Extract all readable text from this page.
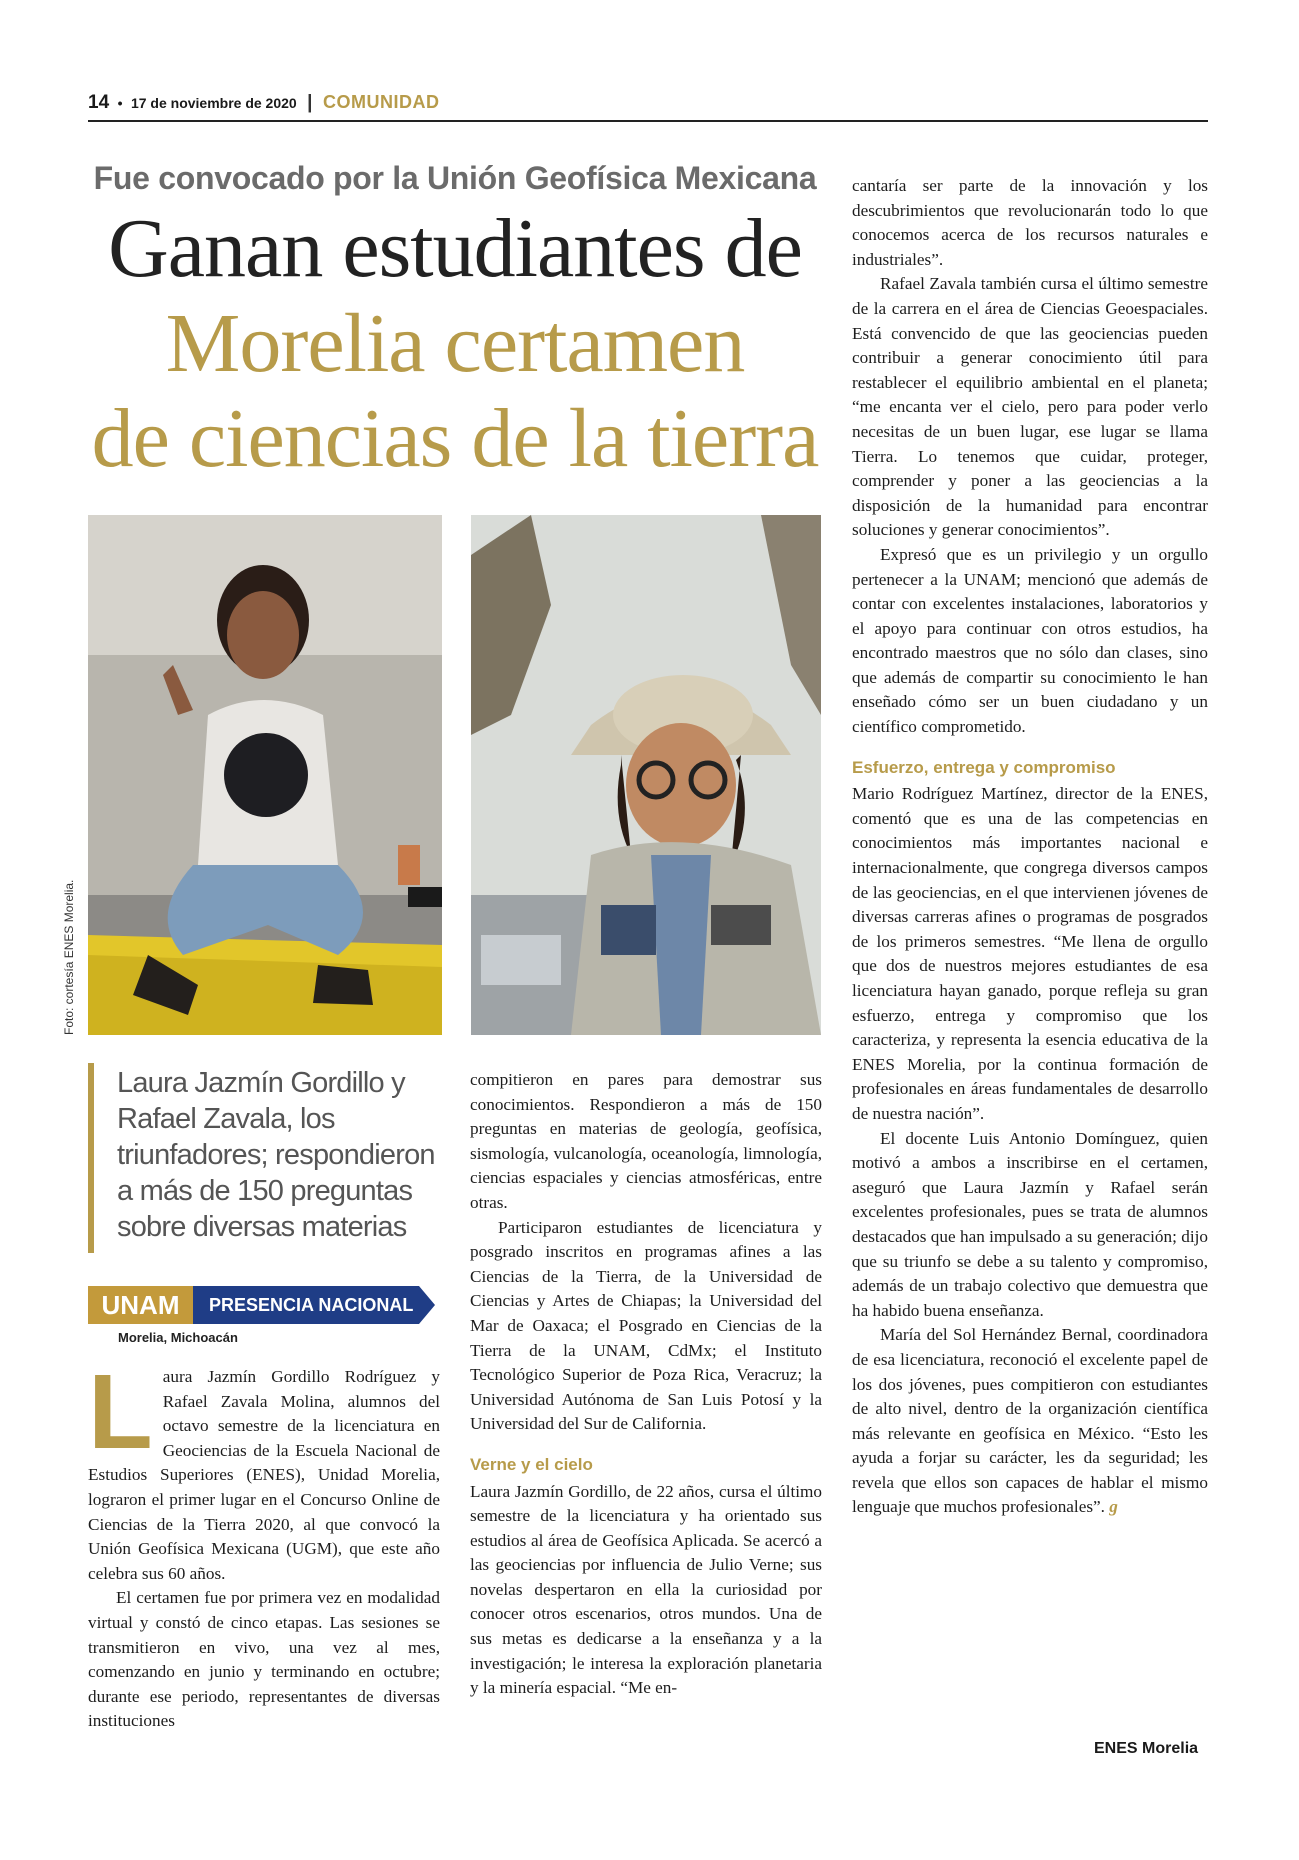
14 • 17 de noviembre de 2020 | COMUNIDAD
Fue convocado por la Unión Geofísica Mexicana
Ganan estudiantes de
Morelia certamen
de ciencias de la tierra
Foto: cortesía ENES Morelia.
Laura Jazmín Gordillo y Rafael Zavala, los triunfadores; respondieron a más de 150 preguntas sobre diversas materias
UNAM	PRESENCIA NACIONAL
Morelia, Michoacán
L aura Jazmín Gordillo Rodríguez y Rafael Zavala Molina, alumnos del octavo semestre de la licenciatura en Geociencias de la Escuela Nacional de Estudios Superiores (ENES), Unidad Morelia, lograron el primer lugar en el Concurso Online de Ciencias de la Tierra 2020, al que convocó la Unión Geofísica Mexicana (UGM), que este año celebra sus 60 años.

El certamen fue por primera vez en modalidad virtual y constó de cinco etapas. Las sesiones se transmitieron en vivo, una vez al mes, comenzando en junio y terminando en octubre; durante ese periodo, representantes de diversas instituciones

compitieron en pares para demostrar sus conocimientos. Respondieron a más de 150 preguntas en materias de geología, geofísica, sismología, vulcanología, oceanología, limnología, ciencias espaciales y ciencias atmosféricas, entre otras.

Participaron estudiantes de licenciatura y posgrado inscritos en programas afines a las Ciencias de la Tierra, de la Universidad de Ciencias y Artes de Chiapas; la Universidad del Mar de Oaxaca; el Posgrado en Ciencias de la Tierra de la UNAM, CdMx; el Instituto Tecnológico Superior de Poza Rica, Veracruz; la Universidad Autónoma de San Luis Potosí y la Universidad del Sur de California.

Verne y el cielo

Laura Jazmín Gordillo, de 22 años, cursa el último semestre de la licenciatura y ha orientado sus estudios al área de Geofísica Aplicada. Se acercó a las geociencias por influencia de Julio Verne; sus novelas despertaron en ella la curiosidad por conocer otros escenarios, otros mundos. Una de sus metas es dedicarse a la enseñanza y a la investigación; le interesa la exploración planetaria y la minería espacial. “Me en-

cantaría ser parte de la innovación y los descubrimientos que revolucionarán todo lo que conocemos acerca de los recursos naturales e industriales”.

Rafael Zavala también cursa el último semestre de la carrera en el área de Ciencias Geoespaciales. Está convencido de que las geociencias pueden contribuir a generar conocimiento útil para restablecer el equilibrio ambiental en el planeta; “me encanta ver el cielo, pero para poder verlo necesitas de un buen lugar, ese lugar se llama Tierra. Lo tenemos que cuidar, proteger, comprender y poner a las geociencias a la disposición de la humanidad para encontrar soluciones y generar conocimientos”.

Expresó que es un privilegio y un orgullo pertenecer a la UNAM; mencionó que además de contar con excelentes instalaciones, laboratorios y el apoyo para continuar con otros estudios, ha encontrado maestros que no sólo dan clases, sino que además de compartir su conocimiento le han enseñado cómo ser un buen ciudadano y un científico comprometido.

Esfuerzo, entrega y compromiso

Mario Rodríguez Martínez, director de la ENES, comentó que es una de las competencias en conocimientos más importantes nacional e internacionalmente, que congrega diversos campos de las geociencias, en el que intervienen jóvenes de diversas carreras afines o programas de posgrados de los primeros semestres. “Me llena de orgullo que dos de nuestros mejores estudiantes de esa licenciatura hayan ganado, porque refleja su gran esfuerzo, entrega y compromiso que los caracteriza, y representa la esencia educativa de la ENES Morelia, por la continua formación de profesionales en áreas fundamentales de desarrollo de nuestra nación”.

El docente Luis Antonio Domínguez, quien motivó a ambos a inscribirse en el certamen, aseguró que Laura Jazmín y Rafael serán excelentes profesionales, pues se trata de alumnos destacados que han impulsado a su generación; dijo que su triunfo se debe a su talento y compromiso, además de un trabajo colectivo que demuestra que ha habido buena enseñanza.

María del Sol Hernández Bernal, coordinadora de esa licenciatura, reconoció el excelente papel de los dos jóvenes, pues compitieron con estudiantes de alto nivel, dentro de la organización científica más relevante en geofísica en México. “Esto les ayuda a forjar su carácter, les da seguridad; les revela que ellos son capaces de hablar el mismo lenguaje que muchos profesionales”. g

ENES Morelia
